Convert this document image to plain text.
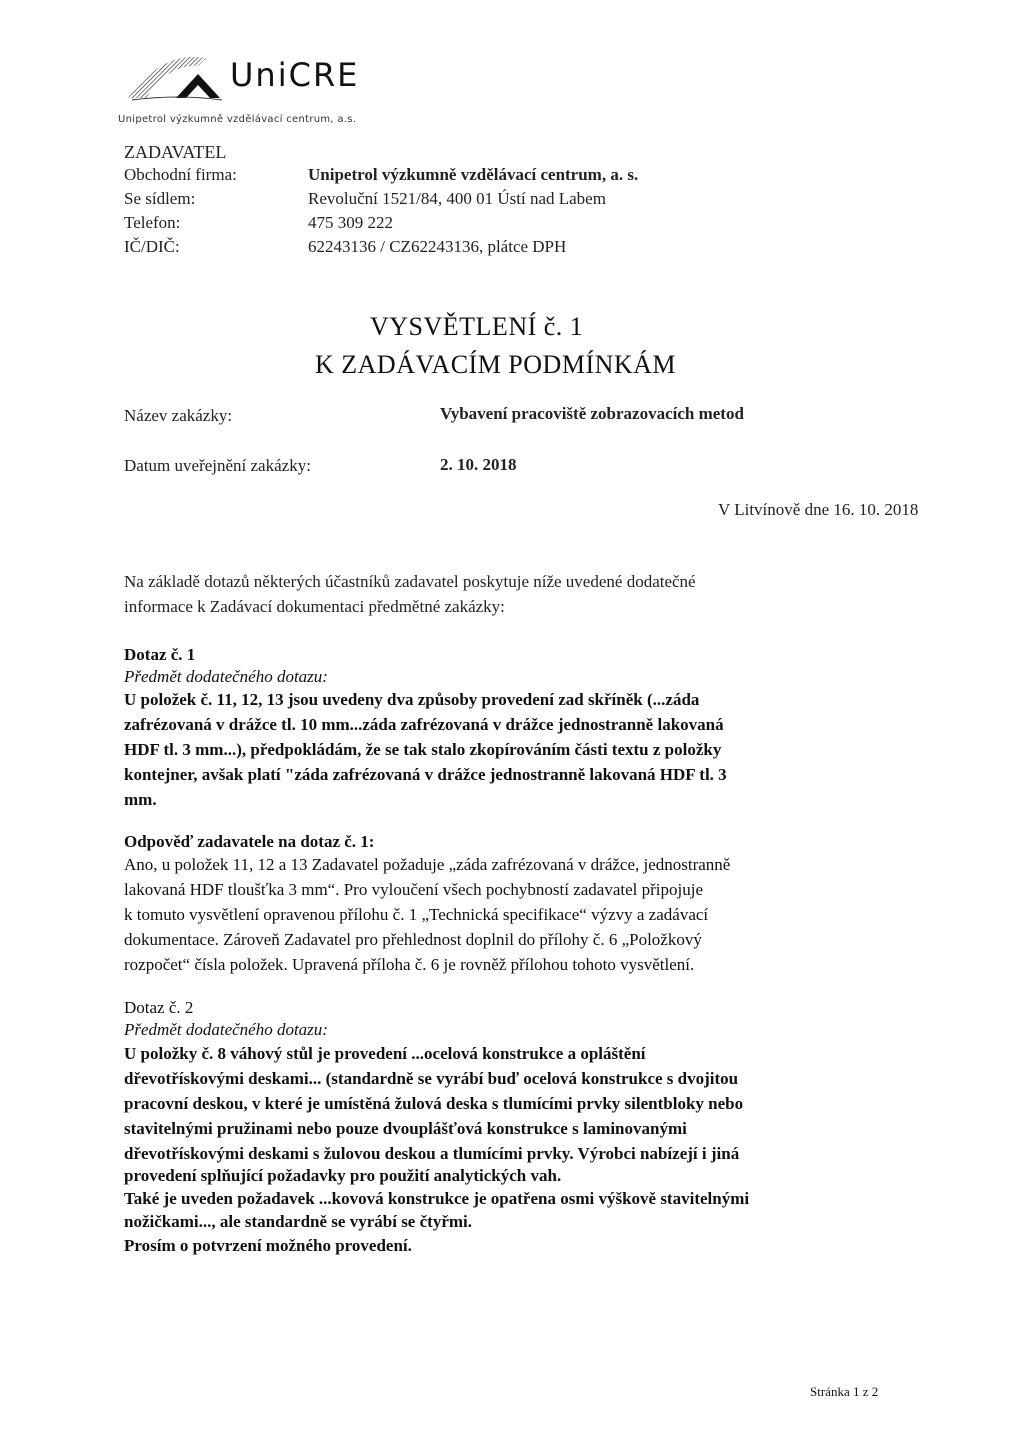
UniCRE
Unipetrol výzkumně vzdělávací centrum, a.s.
ZADAVATEL
Obchodní firma:	Unipetrol výzkumně vzdělávací centrum, a. s.
Se sídlem:	Revoluční 1521/84, 400 01 Ústí nad Labem
Telefon:	475 309 222
IČ/DIČ:	62243136 / CZ62243136, plátce DPH
VYSVĚTLENÍ č. 1
K ZADÁVACÍM PODMÍNKÁM
Název zakázky:	Vybavení pracoviště zobrazovacích metod
Datum uveřejnění zakázky:	2. 10. 2018
V Litvínově dne 16. 10. 2018
Na základě dotazů některých účastníků zadavatel poskytuje níže uvedené dodatečné
informace k Zadávací dokumentaci předmětné zakázky:
Dotaz č. 1
Předmět dodatečného dotazu:
U položek č. 11, 12, 13 jsou uvedeny dva způsoby provedení zad skříněk (...záda
zafrézovaná v drážce tl. 10 mm...záda zafrézovaná v drážce jednostranně lakovaná
HDF tl. 3 mm...), předpokládám, že se tak stalo zkopírováním části textu z položky
kontejner, avšak platí "záda zafrézovaná v drážce jednostranně lakovaná HDF tl. 3
mm.
Odpověď zadavatele na dotaz č. 1:
Ano, u položek 11, 12 a 13 Zadavatel požaduje „záda zafrézovaná v drážce, jednostranně
lakovaná HDF tloušťka 3 mm“. Pro vyloučení všech pochybností zadavatel připojuje
k tomuto vysvětlení opravenou přílohu č. 1 „Technická specifikace“ výzvy a zadávací
dokumentace. Zároveň Zadavatel pro přehlednost doplnil do přílohy č. 6 „Položkový
rozpočet“ čísla položek. Upravená příloha č. 6 je rovněž přílohou tohoto vysvětlení.
Dotaz č. 2
Předmět dodatečného dotazu:
U položky č. 8 váhový stůl je provedení ...ocelová konstrukce a opláštění
dřevotřískovými deskami... (standardně se vyrábí buď ocelová konstrukce s dvojitou
pracovní deskou, v které je umístěná žulová deska s tlumícími prvky silentbloky nebo
stavitelnými pružinami nebo pouze dvouplášťová konstrukce s laminovanými
dřevotřískovými deskami s žulovou deskou a tlumícími prvky. Výrobci nabízejí i jiná
provedení splňující požadavky pro použití analytických vah.
Také je uveden požadavek ...kovová konstrukce je opatřena osmi výškově stavitelnými
nožičkami..., ale standardně se vyrábí se čtyřmi.
Prosím o potvrzení možného provedení.
Stránka 1 z 2
